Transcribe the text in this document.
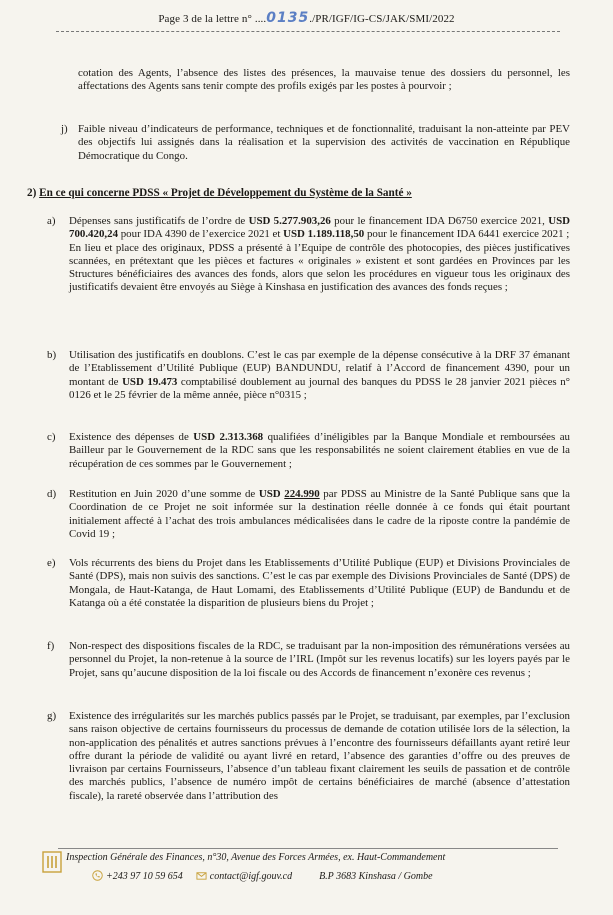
Page 3 de la lettre n° ....0135./PR/IGF/IG-CS/JAK/SMI/2022
cotation des Agents, l’absence des listes des présences, la mauvaise tenue des dossiers du personnel, les affectations des Agents sans tenir compte des profils exigés par les postes à pourvoir ;
j) Faible niveau d’indicateurs de performance, techniques et de fonctionnalité, traduisant la non-atteinte par PEV des objectifs lui assignés dans la réalisation et la supervision des activités de vaccination en République Démocratique du Congo.
2) En ce qui concerne PDSS « Projet de Développement du Système de la Santé »
a) Dépenses sans justificatifs de l’ordre de USD 5.277.903,26 pour le financement IDA D6750 exercice 2021, USD 700.420,24 pour IDA 4390 de l’exercice 2021 et USD 1.189.118,50 pour le financement IDA 6441 exercice 2021 ;
En lieu et place des originaux, PDSS a présenté à l’Equipe de contrôle des photocopies, des pièces justificatives scannées, en prétextant que les pièces et factures « originales » existent et sont gardées en Provinces par les Structures bénéficiaires des avances des fonds, alors que selon les procédures en vigueur tous les originaux des justificatifs devaient être envoyés au Siège à Kinshasa en justification des avances des fonds reçues ;
b) Utilisation des justificatifs en doublons. C’est le cas par exemple de la dépense consécutive à la DRF 37 émanant de l’Etablissement d’Utilité Publique (EUP) BANDUNDU, relatif à l’Accord de financement 4390, pour un montant de USD 19.473 comptabilisé doublement au journal des banques du PDSS le 28 janvier 2021 pièces n° 0126 et le 25 février de la même année, pièce n°0315 ;
c) Existence des dépenses de USD 2.313.368 qualifiées d’inéligibles par la Banque Mondiale et remboursées au Bailleur par le Gouvernement de la RDC sans que les responsabilités ne soient clairement établies en vue de la récupération de ces sommes par le Gouvernement ;
d) Restitution en Juin 2020 d’une somme de USD 224.990 par PDSS au Ministre de la Santé Publique sans que la Coordination de ce Projet ne soit informée sur la destination réelle donnée à ce fonds qui était pourtant initialement affecté à l’achat des trois ambulances médicalisées dans le cadre de la riposte contre la pandémie de Covid 19 ;
e) Vols récurrents des biens du Projet dans les Etablissements d’Utilité Publique (EUP) et Divisions Provinciales de Santé (DPS), mais non suivis des sanctions. C’est le cas par exemple des Divisions Provinciales de Santé (DPS) de Mongala, de Haut-Katanga, de Haut Lomami, des Etablissements d’Utilité Publique (EUP) de Bandundu et de Katanga où a été constatée la disparition de plusieurs biens du Projet ;
f) Non-respect des dispositions fiscales de la RDC, se traduisant par la non-imposition des rémunérations versées au personnel du Projet, la non-retenue à la source de l’IRL (Impôt sur les revenus locatifs) sur les loyers payés par le Projet, sans qu’aucune disposition de la loi fiscale ou des Accords de financement n’exonère ces revenus ;
g) Existence des irrégularités sur les marchés publics passés par le Projet, se traduisant, par exemples, par l’exclusion sans raison objective de certains fournisseurs du processus de demande de cotation utilisée lors de la sélection, la non-application des pénalités et autres sanctions prévues à l’encontre des fournisseurs défaillants ayant retiré leur offre durant la période de validité ou ayant livré en retard, l’absence des garanties d’offre ou des preuves de livraison par certains Fournisseurs, l’absence d’un tableau fixant clairement les seuils de passation et de contrôle des marchés publics, l’absence de numéro impôt de certains bénéficiaires de marché (absence d’attestation fiscale), la rareté observée dans l’attribution des
Inspection Générale des Finances, n°30, Avenue des Forces Armées, ex. Haut-Commandement
+243 97 10 59 654	contact@igf.gouv.cd	B.P 3683 Kinshasa / Gombe
